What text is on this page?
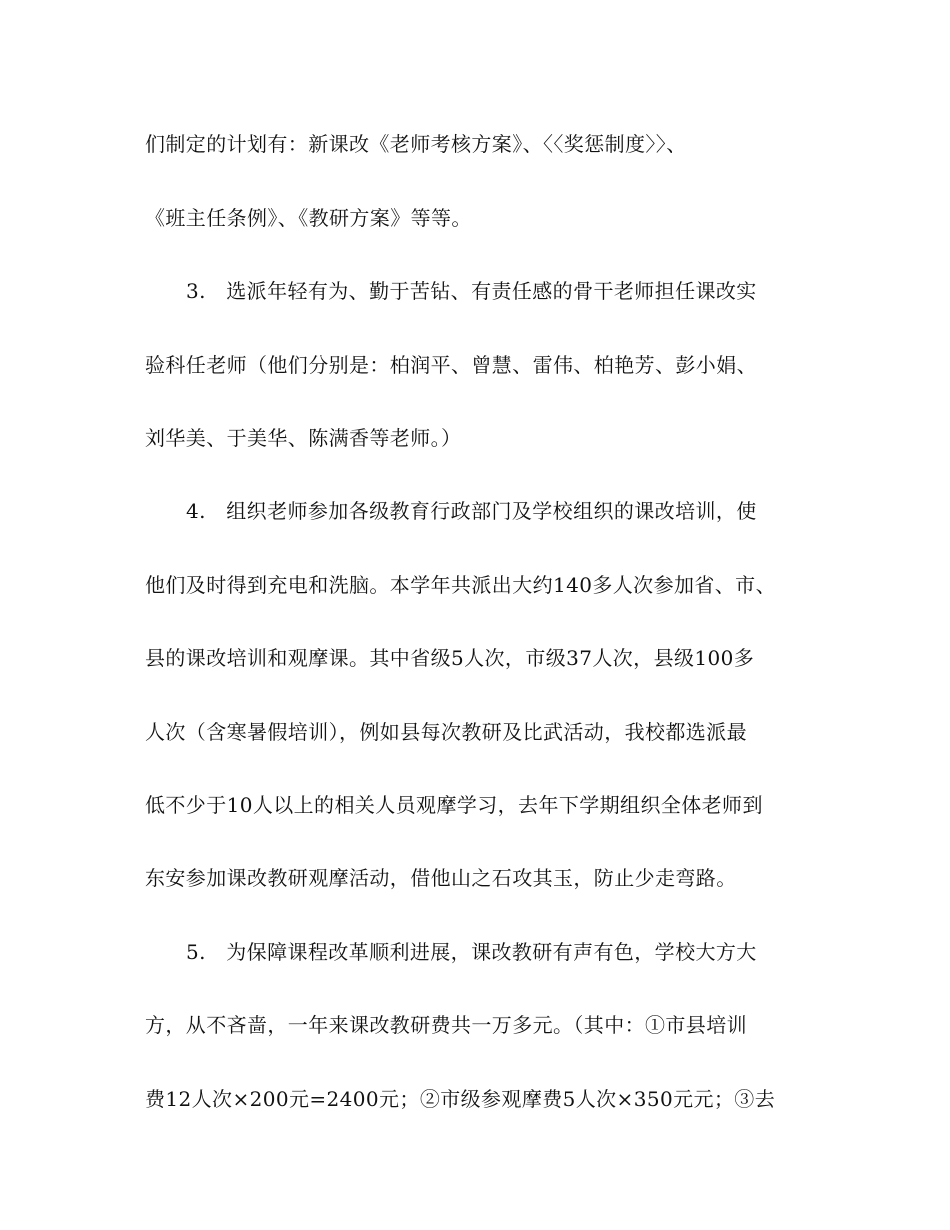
们制定的计划有：新课改《老师考核方案》、〈〈奖惩制度〉〉、
《班主任条例》、《教研方案》等等。
3.　选派年轻有为、勤于苦钻、有责任感的骨干老师担任课改实
验科任老师（他们分别是：柏润平、曾慧、雷伟、柏艳芳、彭小娟、
刘华美、于美华、陈满香等老师。）
4.　组织老师参加各级教育行政部门及学校组织的课改培训，使
他们及时得到充电和洗脑。本学年共派出大约140多人次参加省、市、
县的课改培训和观摩课。其中省级5人次，市级37人次，县级100多
人次（含寒暑假培训），例如县每次教研及比武活动，我校都选派最
低不少于10人以上的相关人员观摩学习，去年下学期组织全体老师到
东安参加课改教研观摩活动，借他山之石攻其玉，防止少走弯路。
5.　为保障课程改革顺利进展，课改教研有声有色，学校大方大
方，从不吝啬，一年来课改教研费共一万多元。（其中：①市县培训
费12人次×200元=2400元；②市级参观摩费5人次×350元元；③去
